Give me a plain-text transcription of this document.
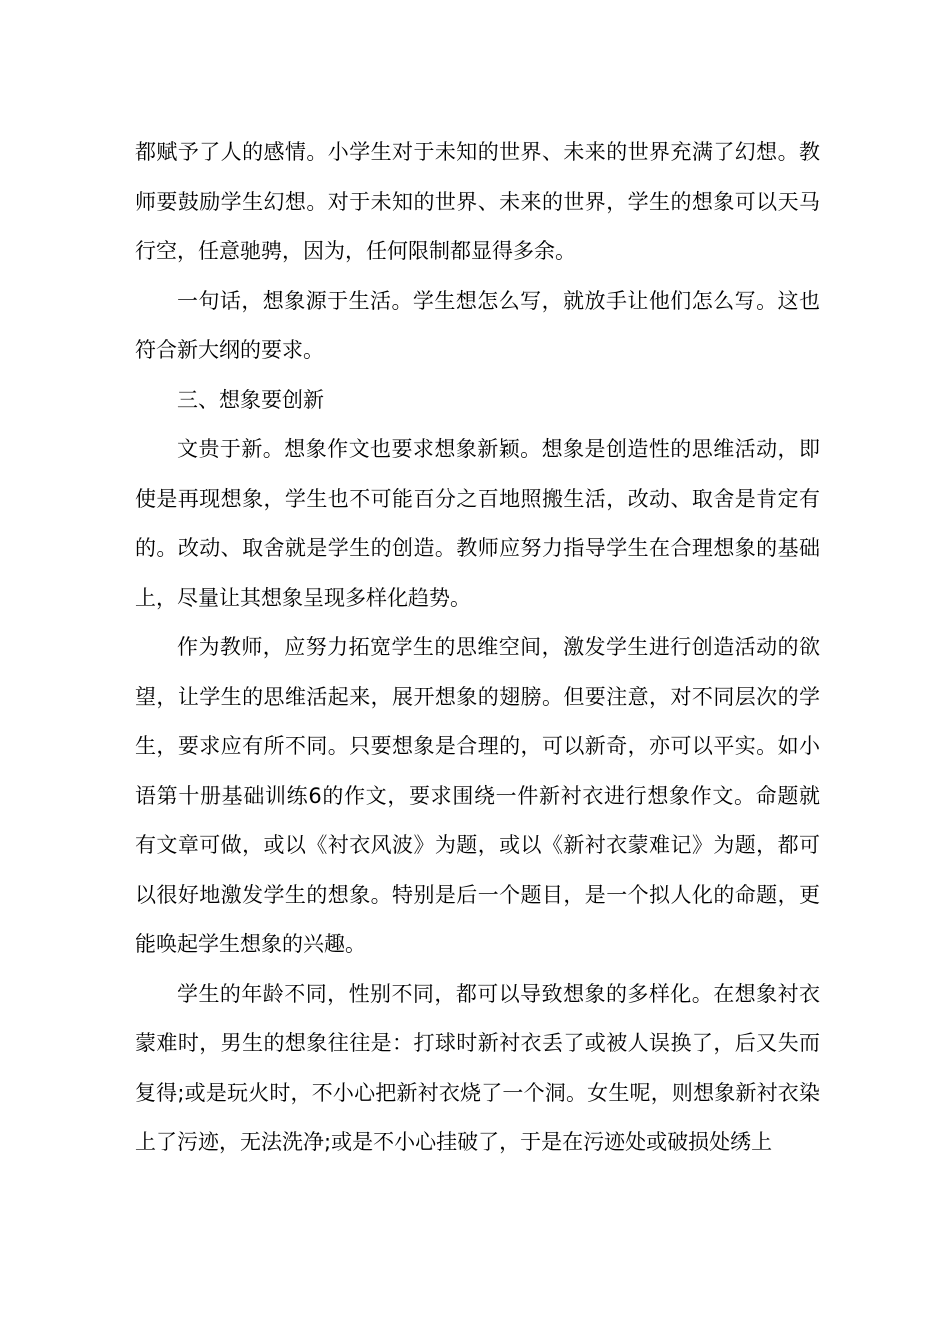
都赋予了人的感情。小学生对于未知的世界、未来的世界充满了幻想。教师要鼓励学生幻想。对于未知的世界、未来的世界，学生的想象可以天马行空，任意驰骋，因为，任何限制都显得多余。

一句话，想象源于生活。学生想怎么写，就放手让他们怎么写。这也符合新大纲的要求。

三、想象要创新

文贵于新。想象作文也要求想象新颖。想象是创造性的思维活动，即使是再现想象，学生也不可能百分之百地照搬生活，改动、取舍是肯定有的。改动、取舍就是学生的创造。教师应努力指导学生在合理想象的基础上，尽量让其想象呈现多样化趋势。

作为教师，应努力拓宽学生的思维空间，激发学生进行创造活动的欲望，让学生的思维活起来，展开想象的翅膀。但要注意，对不同层次的学生，要求应有所不同。只要想象是合理的，可以新奇，亦可以平实。如小语第十册基础训练6的作文，要求围绕一件新衬衣进行想象作文。命题就有文章可做，或以《衬衣风波》为题，或以《新衬衣蒙难记》为题，都可以很好地激发学生的想象。特别是后一个题目，是一个拟人化的命题，更能唤起学生想象的兴趣。

学生的年龄不同，性别不同，都可以导致想象的多样化。在想象衬衣蒙难时，男生的想象往往是：打球时新衬衣丢了或被人误换了，后又失而复得;或是玩火时，不小心把新衬衣烧了一个洞。女生呢，则想象新衬衣染上了污迹，无法洗净;或是不小心挂破了，于是在污迹处或破损处绣上
